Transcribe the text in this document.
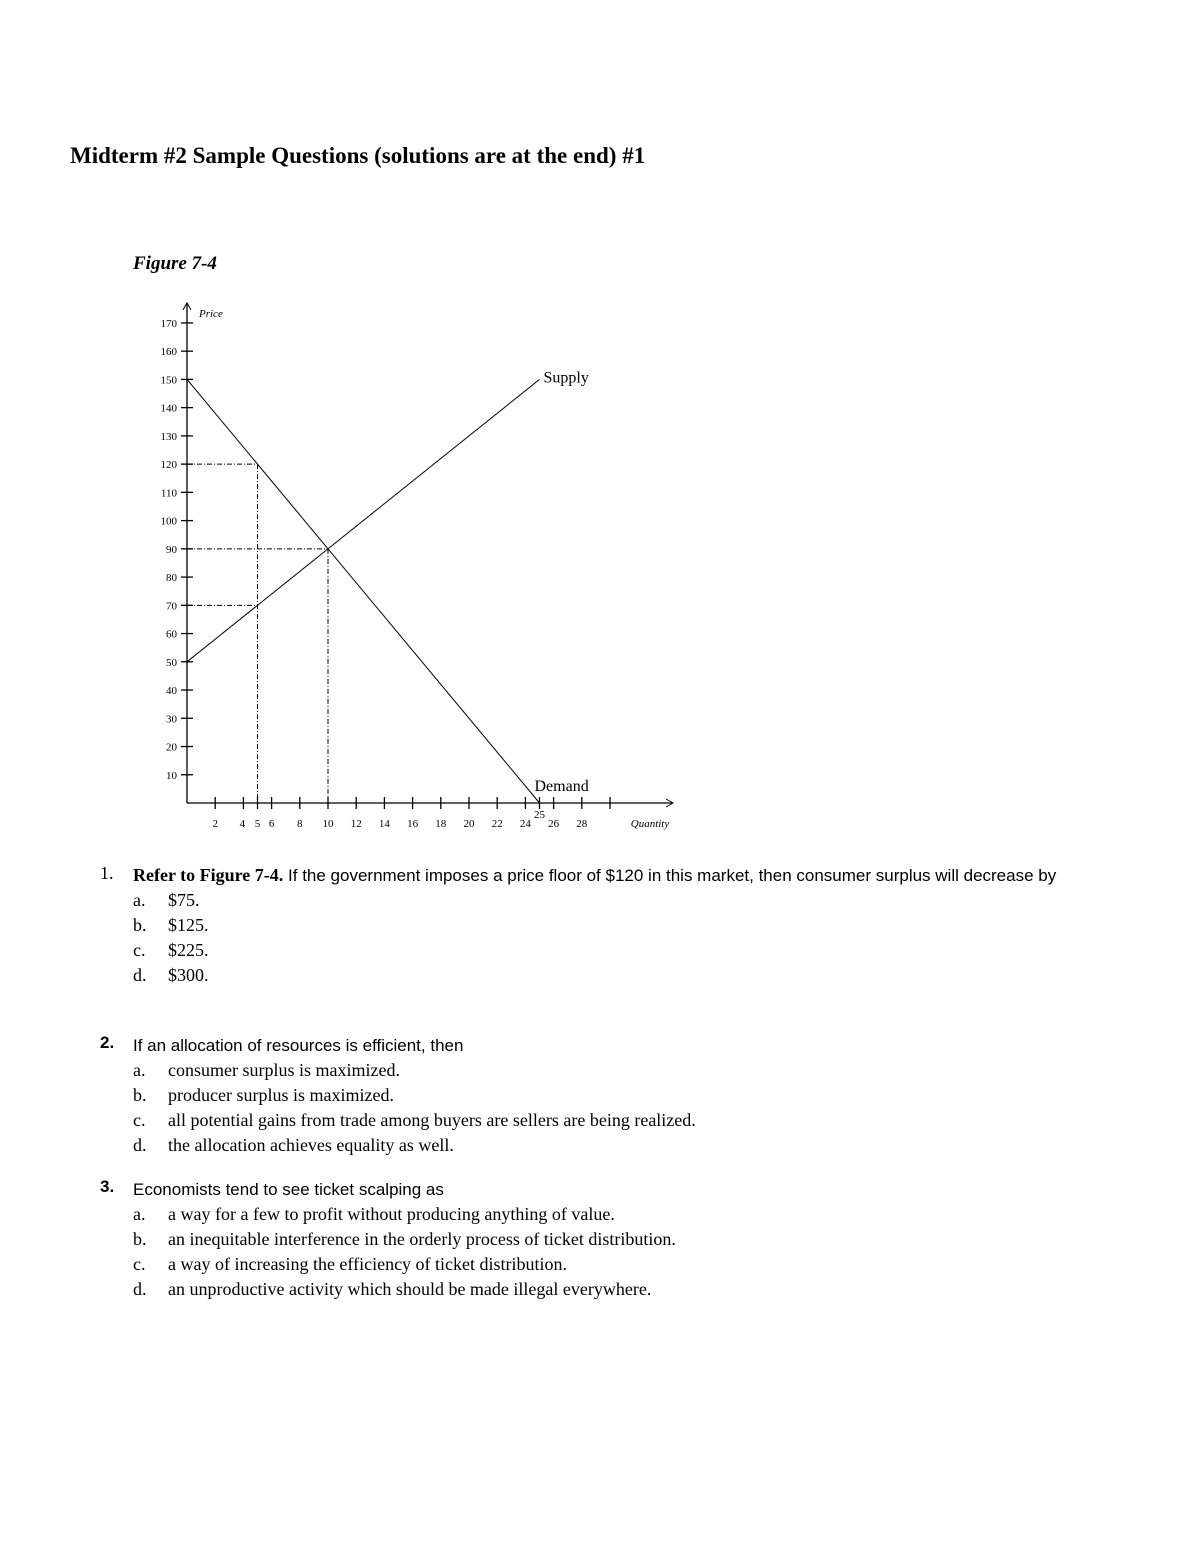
Midterm #2 Sample Questions (solutions are at the end) #1
Figure 7-4
10
20
30
40
50
60
70
80
90
100
110
120
130
140
150
160
170
2 4 5 6 8 10 12 14 16 18 20 22 24
25
26 28
Price
Quantity
Supply
Demand
1.	Refer to Figure 7-4. If the government imposes a price floor of $120 in this market, then consumer surplus will decrease by
a.	$75.
b.	$125.
c.	$225.
d.	$300.
2.	If an allocation of resources is efficient, then
a.	consumer surplus is maximized.
b.	producer surplus is maximized.
c.	all potential gains from trade among buyers are sellers are being realized.
d.	the allocation achieves equality as well.
3.	Economists tend to see ticket scalping as
a.	a way for a few to profit without producing anything of value.
b.	an inequitable interference in the orderly process of ticket distribution.
c.	a way of increasing the efficiency of ticket distribution.
d.	an unproductive activity which should be made illegal everywhere.
